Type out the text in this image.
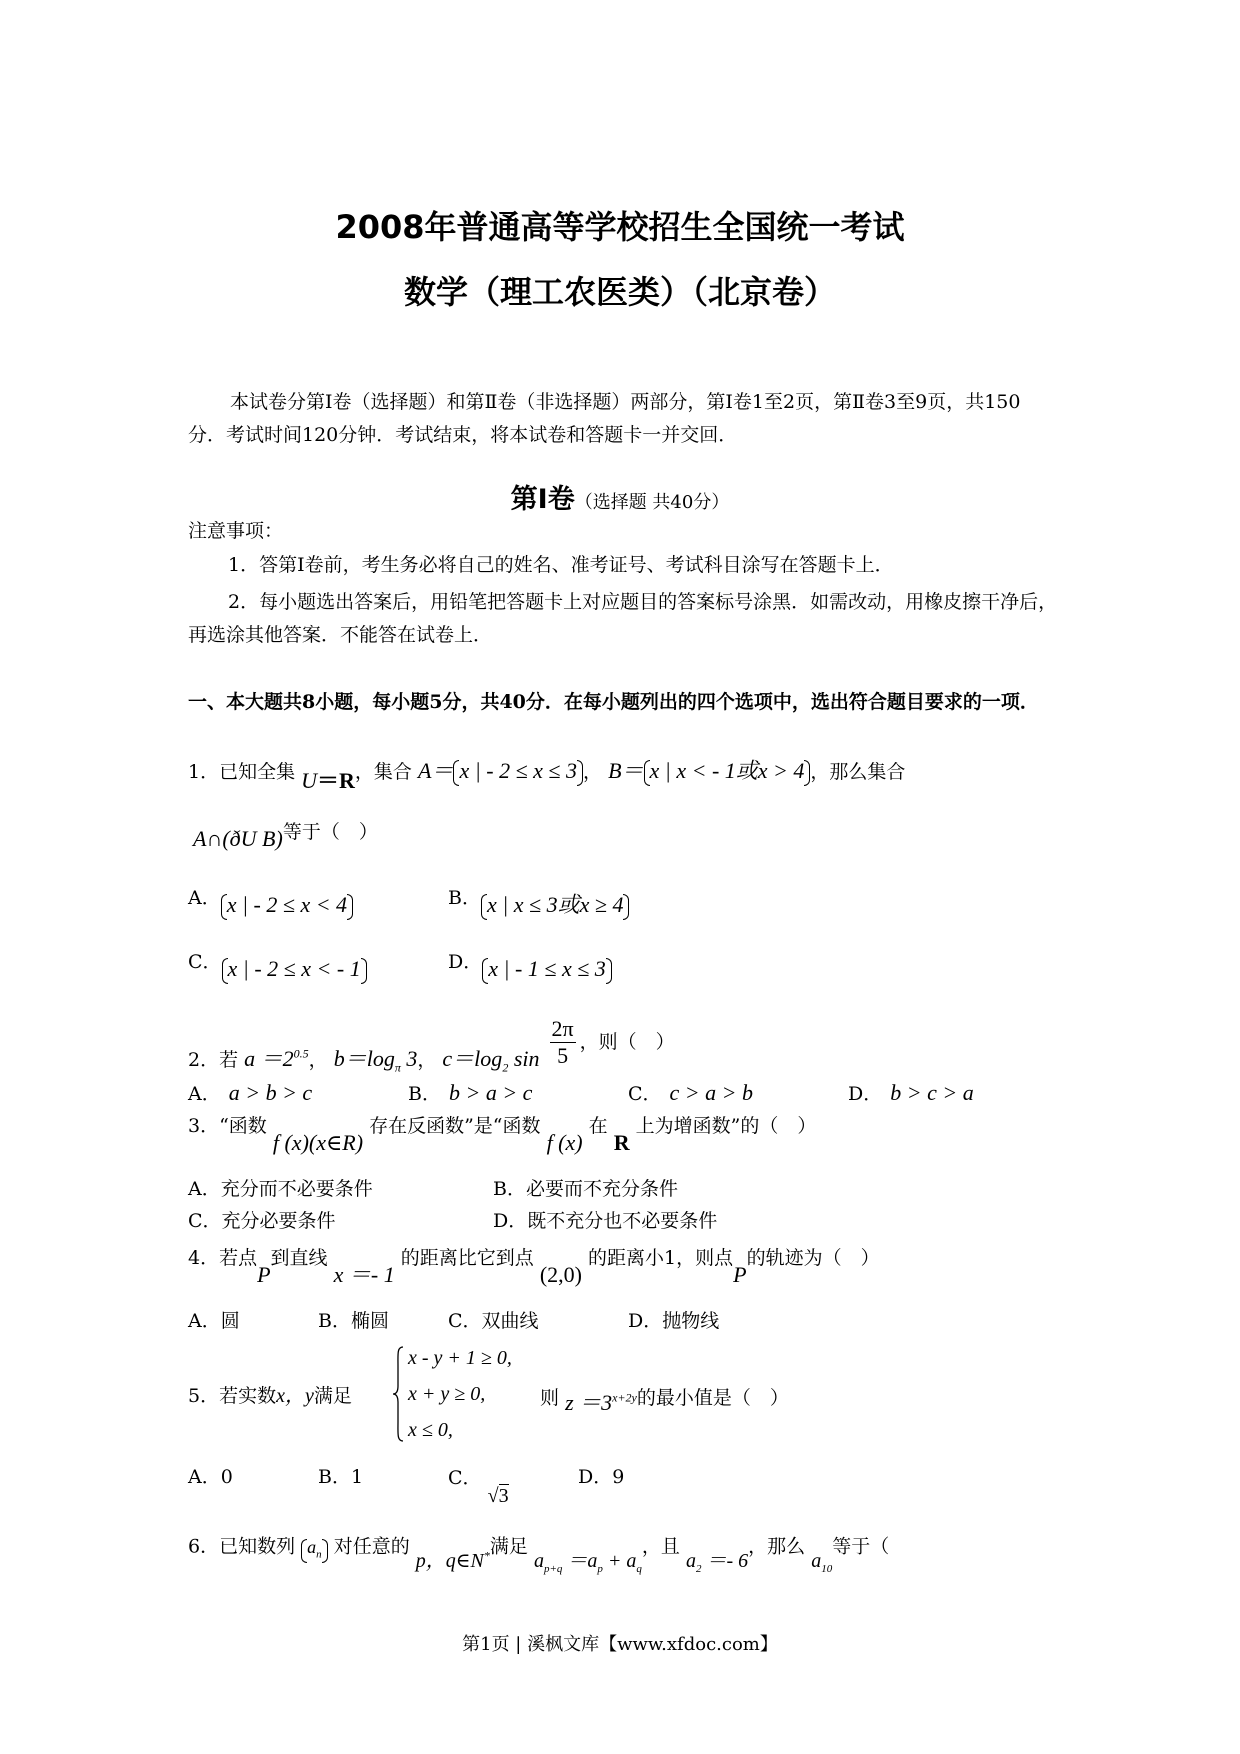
2008年普通高等学校招生全国统一考试
数学（理工农医类）（北京卷）
本试卷分第Ⅰ卷（选择题）和第Ⅱ卷（非选择题）两部分，第Ⅰ卷1至2页，第Ⅱ卷3至9页，共150分．考试时间120分钟．考试结束，将本试卷和答题卡一并交回．
第Ⅰ卷（选择题 共40分）
注意事项：
1．答第Ⅰ卷前，考生务必将自己的姓名、准考证号、考试科目涂写在答题卡上．
2．每小题选出答案后，用铅笔把答题卡上对应题目的答案标号涂黑．如需改动，用橡皮擦干净后，再选涂其他答案．不能答在试卷上．
一、本大题共8小题，每小题5分，共40分．在每小题列出的四个选项中，选出符合题目要求的一项．
1．已知全集 U＝R，集合 A＝ x | - 2 ≤ x ≤ 3 ， B＝ x | x < - 1或x > 4 ，那么集合
A∩(ðU B)等于（　）
A． x | - 2 ≤ x < 4	B． x | x ≤ 3或x ≥ 4
C． x | - 2 ≤ x < - 1	D． x | - 1 ≤ x ≤ 3
2．若 $a =2^{0.5}$， $b=\log_\pi$ 3， $c=\log_2$ $\sin \frac{2\pi}{5}$ ，则（　）
A． a > b > c	B． b > a > c	C． c > a > b	D． b > c > a
3．“函数 f (x)(x∈R) 存在反函数”是“函数 f (x) 在 R 上为增函数”的（　）
A．充分而不必要条件	B．必要而不充分条件
C．充分必要条件	D．既不充分也不必要条件
4．若点P到直线 x ＝- 1 的距离比它到点 (2,0) 的距离小1，则点P的轨迹为（　）
A．圆	B．椭圆	C．双曲线	D．抛物线
5．若实数x，y满足
x - y + 1 ≥ 0,
x + y ≥ 0,
x ≤ 0,
则 $z =3^{x+2y}$的最小值是（　）
A．0	B．1	C． √3
D．9
6．已知数列 $a_n$ 对任意的 p，q∈N*满足 $a_{p+q} =a_p + a_q$，且 $a_2 =- 6$，那么 $a_{10}$等于（
第1页 | 溪枫文库【www.xfdoc.com】
